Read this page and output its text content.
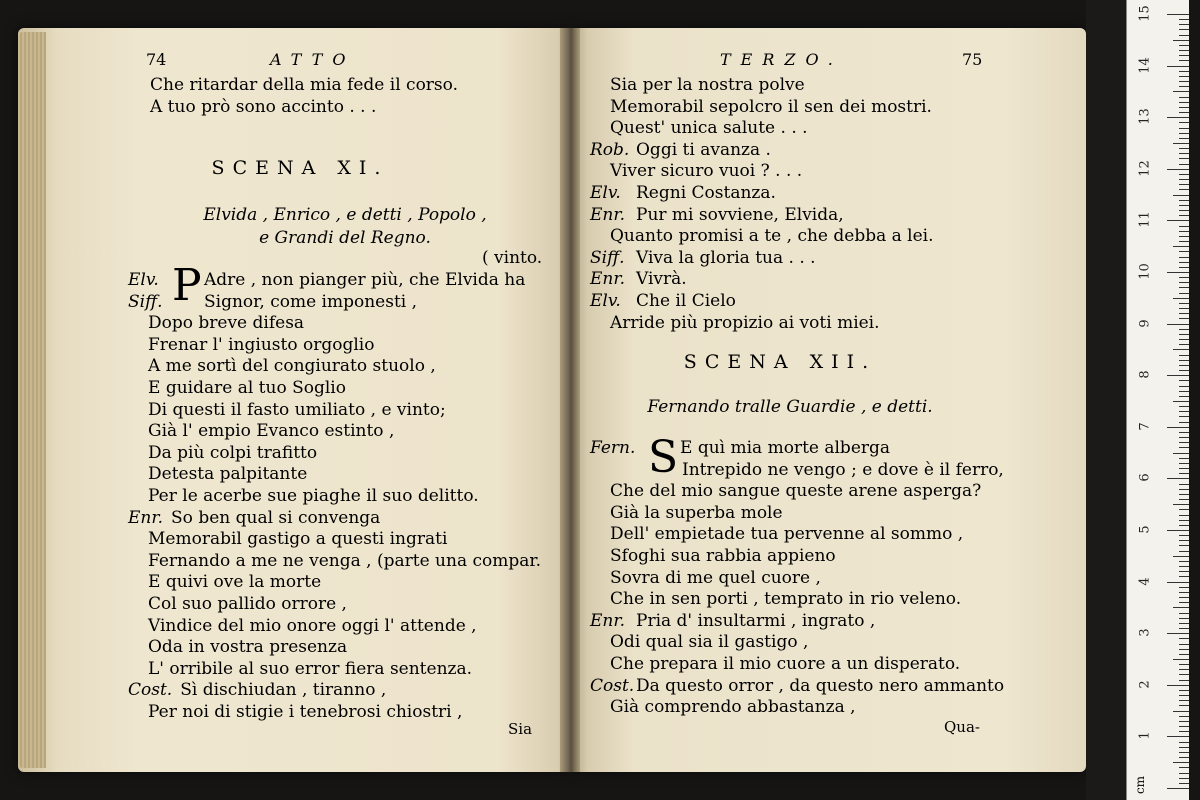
74	ATTO
Che ritardar della mia fede il corso.
A tuo prò sono accinto . . .
SCENA XI.
Elvida , Enrico , e detti , Popolo ,
e Grandi del Regno.
( vinto.
P
Elv.	Adre , non pianger più, che Elvida ha
Siff. Signor, come imponesti ,
Dopo breve difesa
Frenar l' ingiusto orgoglio
A me sortì del congiurato stuolo ,
E guidare al tuo Soglio
Di questi il fasto umiliato , e vinto;
Già l' empio Evanco estinto ,
Da più colpi trafitto
Detesta palpitante
Per le acerbe sue piaghe il suo delitto.
Enr. So ben qual si convenga
Memorabil gastigo a questi ingrati
Fernando a me ne venga , (parte una compar.
E quivi ove la morte
Col suo pallido orrore ,
Vindice del mio onore oggi l' attende ,
Oda in vostra presenza
L' orribile al suo error fiera sentenza.
Cost. Sì dischiudan , tiranno ,
Per noi di stigie i tenebrosi chiostri ,
Sia
TERZO.	75
Sia per la nostra polve
Memorabil sepolcro il sen dei mostri.
Quest' unica salute . . .
Rob. Oggi ti avanza .
Viver sicuro vuoi ? . . .
Elv. Regni Costanza.
Enr. Pur mi sovviene, Elvida,
Quanto promisi a te , che debba a lei.
Siff. Viva la gloria tua . . .
Enr. Vivrà.
Elv. Che il Cielo
Arride più propizio ai voti miei.
SCENA XII.
Fernando tralle Guardie , e detti.
S
Fern.	E quì mia morte alberga
Intrepido ne vengo ; e dove è il ferro,
Che del mio sangue queste arene asperga?
Già la superba mole
Dell' empietade tua pervenne al sommo ,
Sfoghi sua rabbia appieno
Sovra di me quel cuore ,
Che in sen porti , temprato in rio veleno.
Enr. Pria d' insultarmi , ingrato ,
Odi qual sia il gastigo ,
Che prepara il mio cuore a un disperato.
Cost. Da questo orror , da questo nero ammanto
Già comprendo abbastanza ,
Qua-
cm
15
14
13
12
11
10
9
8
7
6
5
4
3
2
1
